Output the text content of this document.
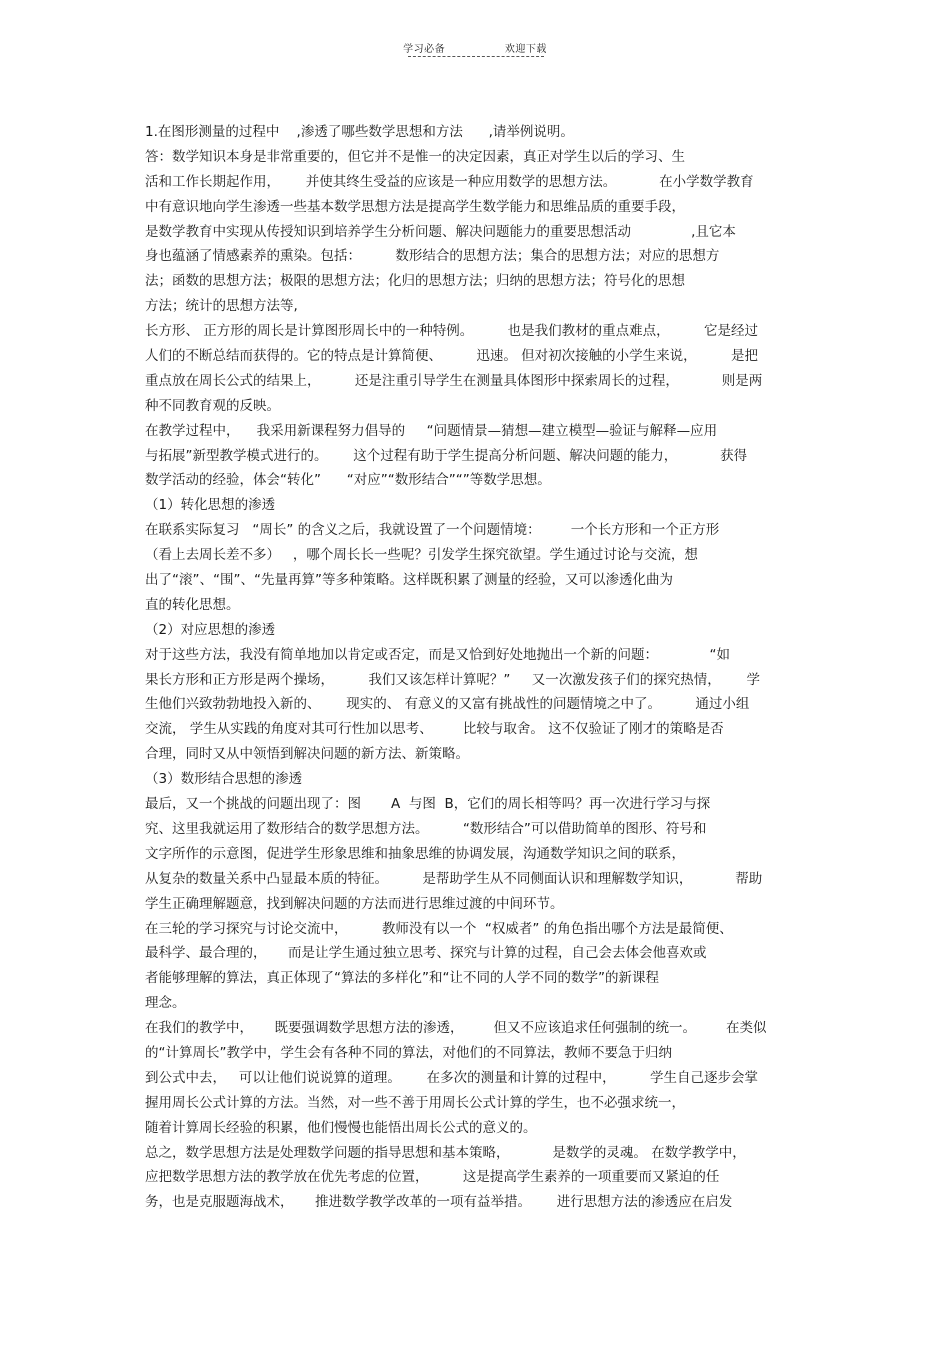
学习必备	欢迎下载
1.在图形测量的过程中    ,渗透了哪些数学思想和方法      ,请举例说明。
答：数学知识本身是非常重要的，但它并不是惟一的决定因素，真正对学生以后的学习、生
活和工作长期起作用，      并使其终生受益的应该是一种应用数学的思想方法。          在小学数学教育
中有意识地向学生渗透一些基本数学思想方法是提高学生数学能力和思维品质的重要手段，
是数学教育中实现从传授知识到培养学生分析问题、解决问题能力的重要思想活动              ,且它本
身也蕴涵了情感素养的熏染。包括：        数形结合的思想方法；集合的思想方法；对应的思想方
法；函数的思想方法；极限的思想方法；化归的思想方法；归纳的思想方法；符号化的思想
方法；统计的思想方法等,
长方形、 正方形的周长是计算图形周长中的一种特例。        也是我们教材的重点难点，        它是经过
人们的不断总结而获得的。它的特点是计算简便、        迅速。 但对初次接触的小学生来说，        是把
重点放在周长公式的结果上，        还是注重引导学生在测量具体图形中探索周长的过程，          则是两
种不同教育观的反映。
在教学过程中，    我采用新课程努力倡导的     “问题情景—猜想—建立模型—验证与解释—应用
与拓展”新型教学模式进行的。      这个过程有助于学生提高分析问题、解决问题的能力，          获得
数学活动的经验，体会“转化”      “对应”“数形结合”“”等数学思想。
（1）转化思想的渗透
在联系实际复习   “周长” 的含义之后，我就设置了一个问题情境：       一个长方形和一个正方形
（看上去周长差不多）   ，哪个周长长一些呢？引发学生探究欲望。学生通过讨论与交流，想
出了“滚”、“围”、“先量再算”等多种策略。这样既积累了测量的经验，又可以渗透化曲为
直的转化思想。
（2）对应思想的渗透
对于这些方法，我没有简单地加以肯定或否定，而是又恰到好处地抛出一个新的问题：            “如
果长方形和正方形是两个操场，        我们又该怎样计算呢？”     又一次激发孩子们的探究热情，      学
生他们兴致勃勃地投入新的、      现实的、 有意义的又富有挑战性的问题情境之中了。        通过小组
交流， 学生从实践的角度对其可行性加以思考、       比较与取舍。 这不仅验证了刚才的策略是否
合理，同时又从中领悟到解决问题的新方法、新策略。
（3）数形结合思想的渗透
最后，又一个挑战的问题出现了：图       A  与图  B，它们的周长相等吗？再一次进行学习与探
究、这里我就运用了数形结合的数学思想方法。        “数形结合”可以借助简单的图形、符号和
文字所作的示意图，促进学生形象思维和抽象思维的协调发展，沟通数学知识之间的联系，
从复杂的数量关系中凸显最本质的特征。        是帮助学生从不同侧面认识和理解数学知识，          帮助
学生正确理解题意，找到解决问题的方法而进行思维过渡的中间环节。
在三轮的学习探究与讨论交流中，        教师没有以一个  “权威者” 的角色指出哪个方法是最简便、
最科学、最合理的，     而是让学生通过独立思考、探究与计算的过程，自己会去体会他喜欢或
者能够理解的算法，真正体现了“算法的多样化”和“让不同的人学不同的数学”的新课程
理念。
在我们的教学中，     既要强调数学思想方法的渗透，       但又不应该追求任何强制的统一。       在类似
的“计算周长”教学中，学生会有各种不同的算法，对他们的不同算法，教师不要急于归纳
到公式中去，   可以让他们说说算的道理。      在多次的测量和计算的过程中，        学生自己逐步会掌
握用周长公式计算的方法。当然，对一些不善于用周长公式计算的学生，也不必强求统一，
随着计算周长经验的积累，他们慢慢也能悟出周长公式的意义的。
总之，数学思想方法是处理数学问题的指导思想和基本策略，          是数学的灵魂。 在数学教学中，
应把数学思想方法的教学放在优先考虑的位置，        这是提高学生素养的一项重要而又紧迫的任
务，也是克服题海战术，     推进数学教学改革的一项有益举措。      进行思想方法的渗透应在启发
